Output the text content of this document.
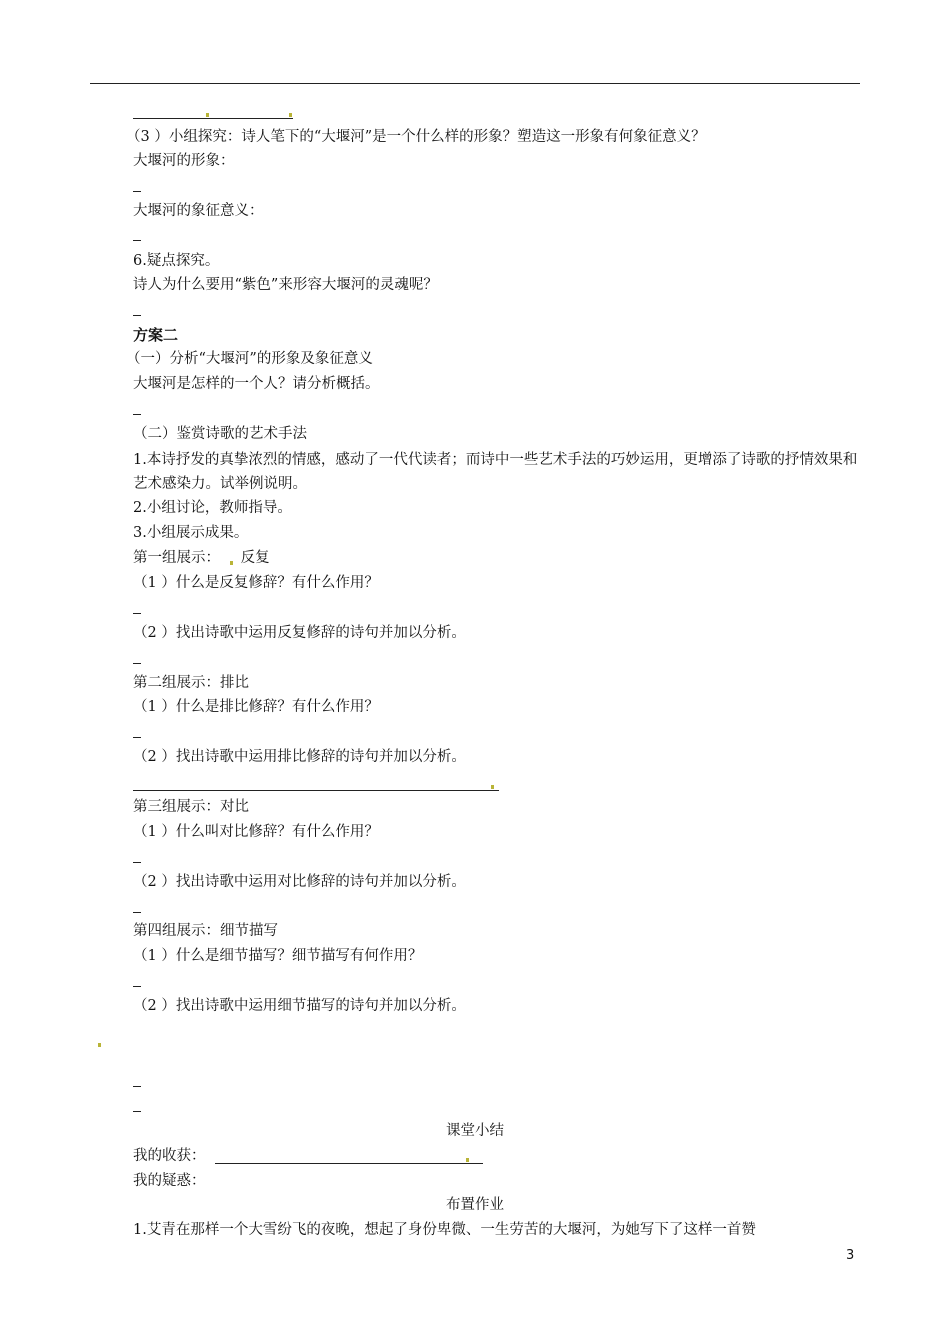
（3 ）小组探究：诗人笔下的“大堰河”是一个什么样的形象？塑造这一形象有何象征意义？
大堰河的形象：
大堰河的象征意义：
6.疑点探究。
诗人为什么要用“紫色”来形容大堰河的灵魂呢？
方案二
（一）分析“大堰河”的形象及象征意义
大堰河是怎样的一个人？请分析概括。
（二）鉴赏诗歌的艺术手法
1.本诗抒发的真挚浓烈的情感，感动了一代代读者；而诗中一些艺术手法的巧妙运用，更增添了诗歌的抒情效果和艺术感染力。试举例说明。
2.小组讨论，教师指导。
3.小组展示成果。
第一组展示： 反复
（1 ）什么是反复修辞？有什么作用？
（2 ）找出诗歌中运用反复修辞的诗句并加以分析。
第二组展示：排比
（1 ）什么是排比修辞？有什么作用？
（2 ）找出诗歌中运用排比修辞的诗句并加以分析。
第三组展示：对比
（1 ）什么叫对比修辞？有什么作用？
（2 ）找出诗歌中运用对比修辞的诗句并加以分析。
第四组展示：细节描写
（1 ）什么是细节描写？细节描写有何作用？
（2 ）找出诗歌中运用细节描写的诗句并加以分析。
课堂小结
我的收获：
我的疑惑：
布置作业
1.艾青在那样一个大雪纷飞的夜晚，想起了身份卑微、一生劳苦的大堰河，为她写下了这样一首赞
3
